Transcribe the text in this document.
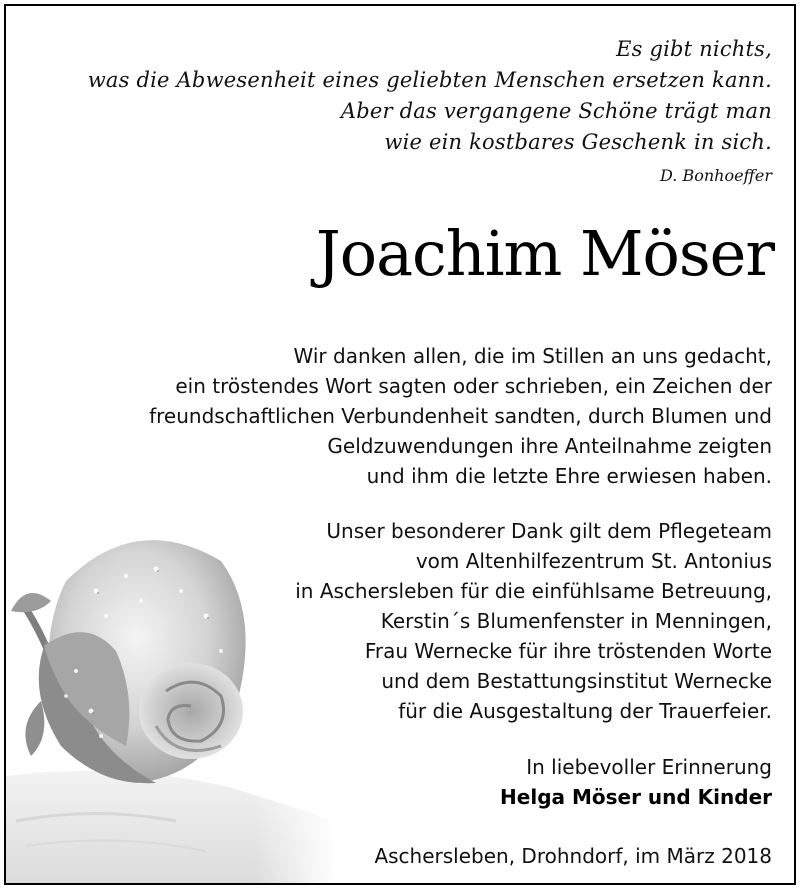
Es gibt nichts,
was die Abwesenheit eines geliebten Menschen ersetzen kann.
Aber das vergangene Schöne trägt man
wie ein kostbares Geschenk in sich.
D. Bonhoeffer
Joachim Möser
Wir danken allen, die im Stillen an uns gedacht,
ein tröstendes Wort sagten oder schrieben, ein Zeichen der
freundschaftlichen Verbundenheit sandten, durch Blumen und
Geldzuwendungen ihre Anteilnahme zeigten
und ihm die letzte Ehre erwiesen haben.
Unser besonderer Dank gilt dem Pflegeteam
vom Altenhilfezentrum St. Antonius
in Aschersleben für die einfühlsame Betreuung,
Kerstin´s Blumenfenster in Menningen,
Frau Wernecke für ihre tröstenden Worte
und dem Bestattungsinstitut Wernecke
für die Ausgestaltung der Trauerfeier.
In liebevoller Erinnerung
Helga Möser und Kinder
Aschersleben, Drohndorf, im März 2018
